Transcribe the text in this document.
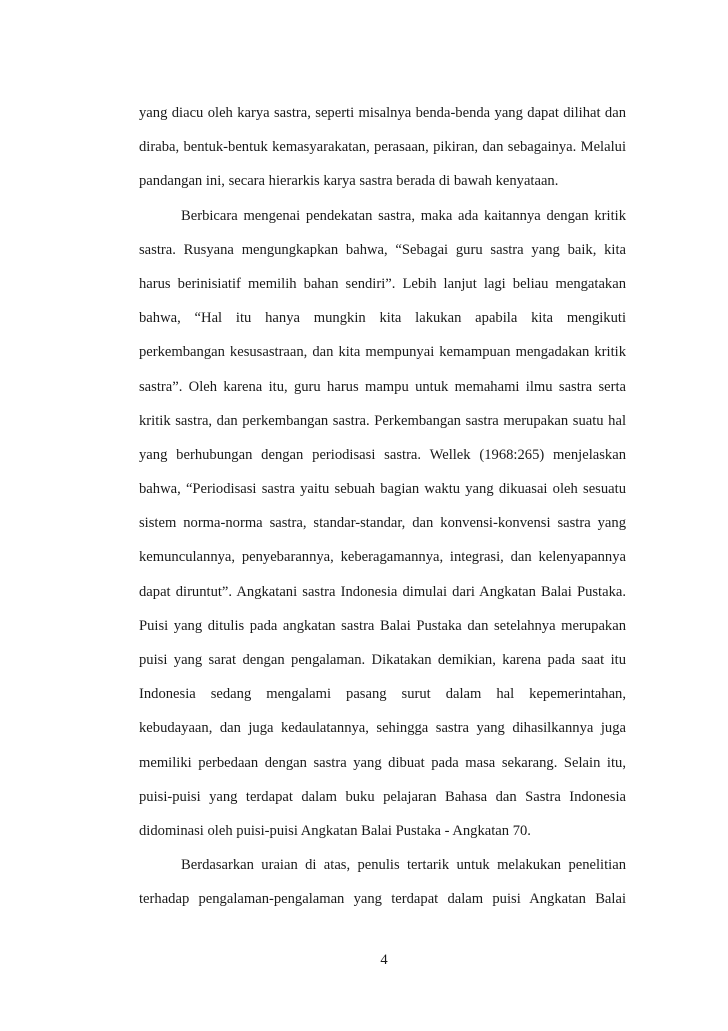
yang diacu oleh karya sastra, seperti misalnya benda-benda yang dapat dilihat dan
diraba, bentuk-bentuk kemasyarakatan, perasaan, pikiran, dan sebagainya. Melalui
pandangan ini, secara hierarkis karya sastra berada di bawah kenyataan.
Berbicara mengenai pendekatan sastra, maka ada kaitannya dengan kritik
sastra. Rusyana mengungkapkan bahwa, “Sebagai guru sastra yang baik, kita
harus berinisiatif memilih bahan sendiri”. Lebih lanjut lagi beliau mengatakan
bahwa, “Hal itu hanya mungkin kita lakukan apabila kita mengikuti
perkembangan kesusastraan, dan kita mempunyai kemampuan mengadakan kritik
sastra”. Oleh karena itu, guru harus mampu untuk memahami ilmu sastra serta
kritik sastra, dan perkembangan sastra. Perkembangan sastra merupakan suatu hal
yang berhubungan dengan periodisasi sastra. Wellek (1968:265) menjelaskan
bahwa, “Periodisasi sastra yaitu sebuah bagian waktu yang dikuasai oleh sesuatu
sistem norma-norma sastra, standar-standar, dan konvensi-konvensi sastra yang
kemunculannya, penyebarannya, keberagamannya, integrasi, dan kelenyapannya
dapat diruntut”. Angkatani sastra Indonesia dimulai dari Angkatan Balai Pustaka.
Puisi yang ditulis pada angkatan sastra Balai Pustaka dan setelahnya merupakan
puisi yang sarat dengan pengalaman. Dikatakan demikian, karena pada saat itu
Indonesia sedang mengalami pasang surut dalam hal kepemerintahan,
kebudayaan, dan juga kedaulatannya, sehingga sastra yang dihasilkannya juga
memiliki perbedaan dengan sastra yang dibuat pada masa sekarang. Selain itu,
puisi-puisi yang terdapat dalam buku pelajaran Bahasa dan Sastra Indonesia
didominasi oleh puisi-puisi Angkatan Balai Pustaka - Angkatan 70.
Berdasarkan uraian di atas, penulis tertarik untuk melakukan penelitian
terhadap pengalaman-pengalaman yang terdapat dalam puisi Angkatan Balai
4
